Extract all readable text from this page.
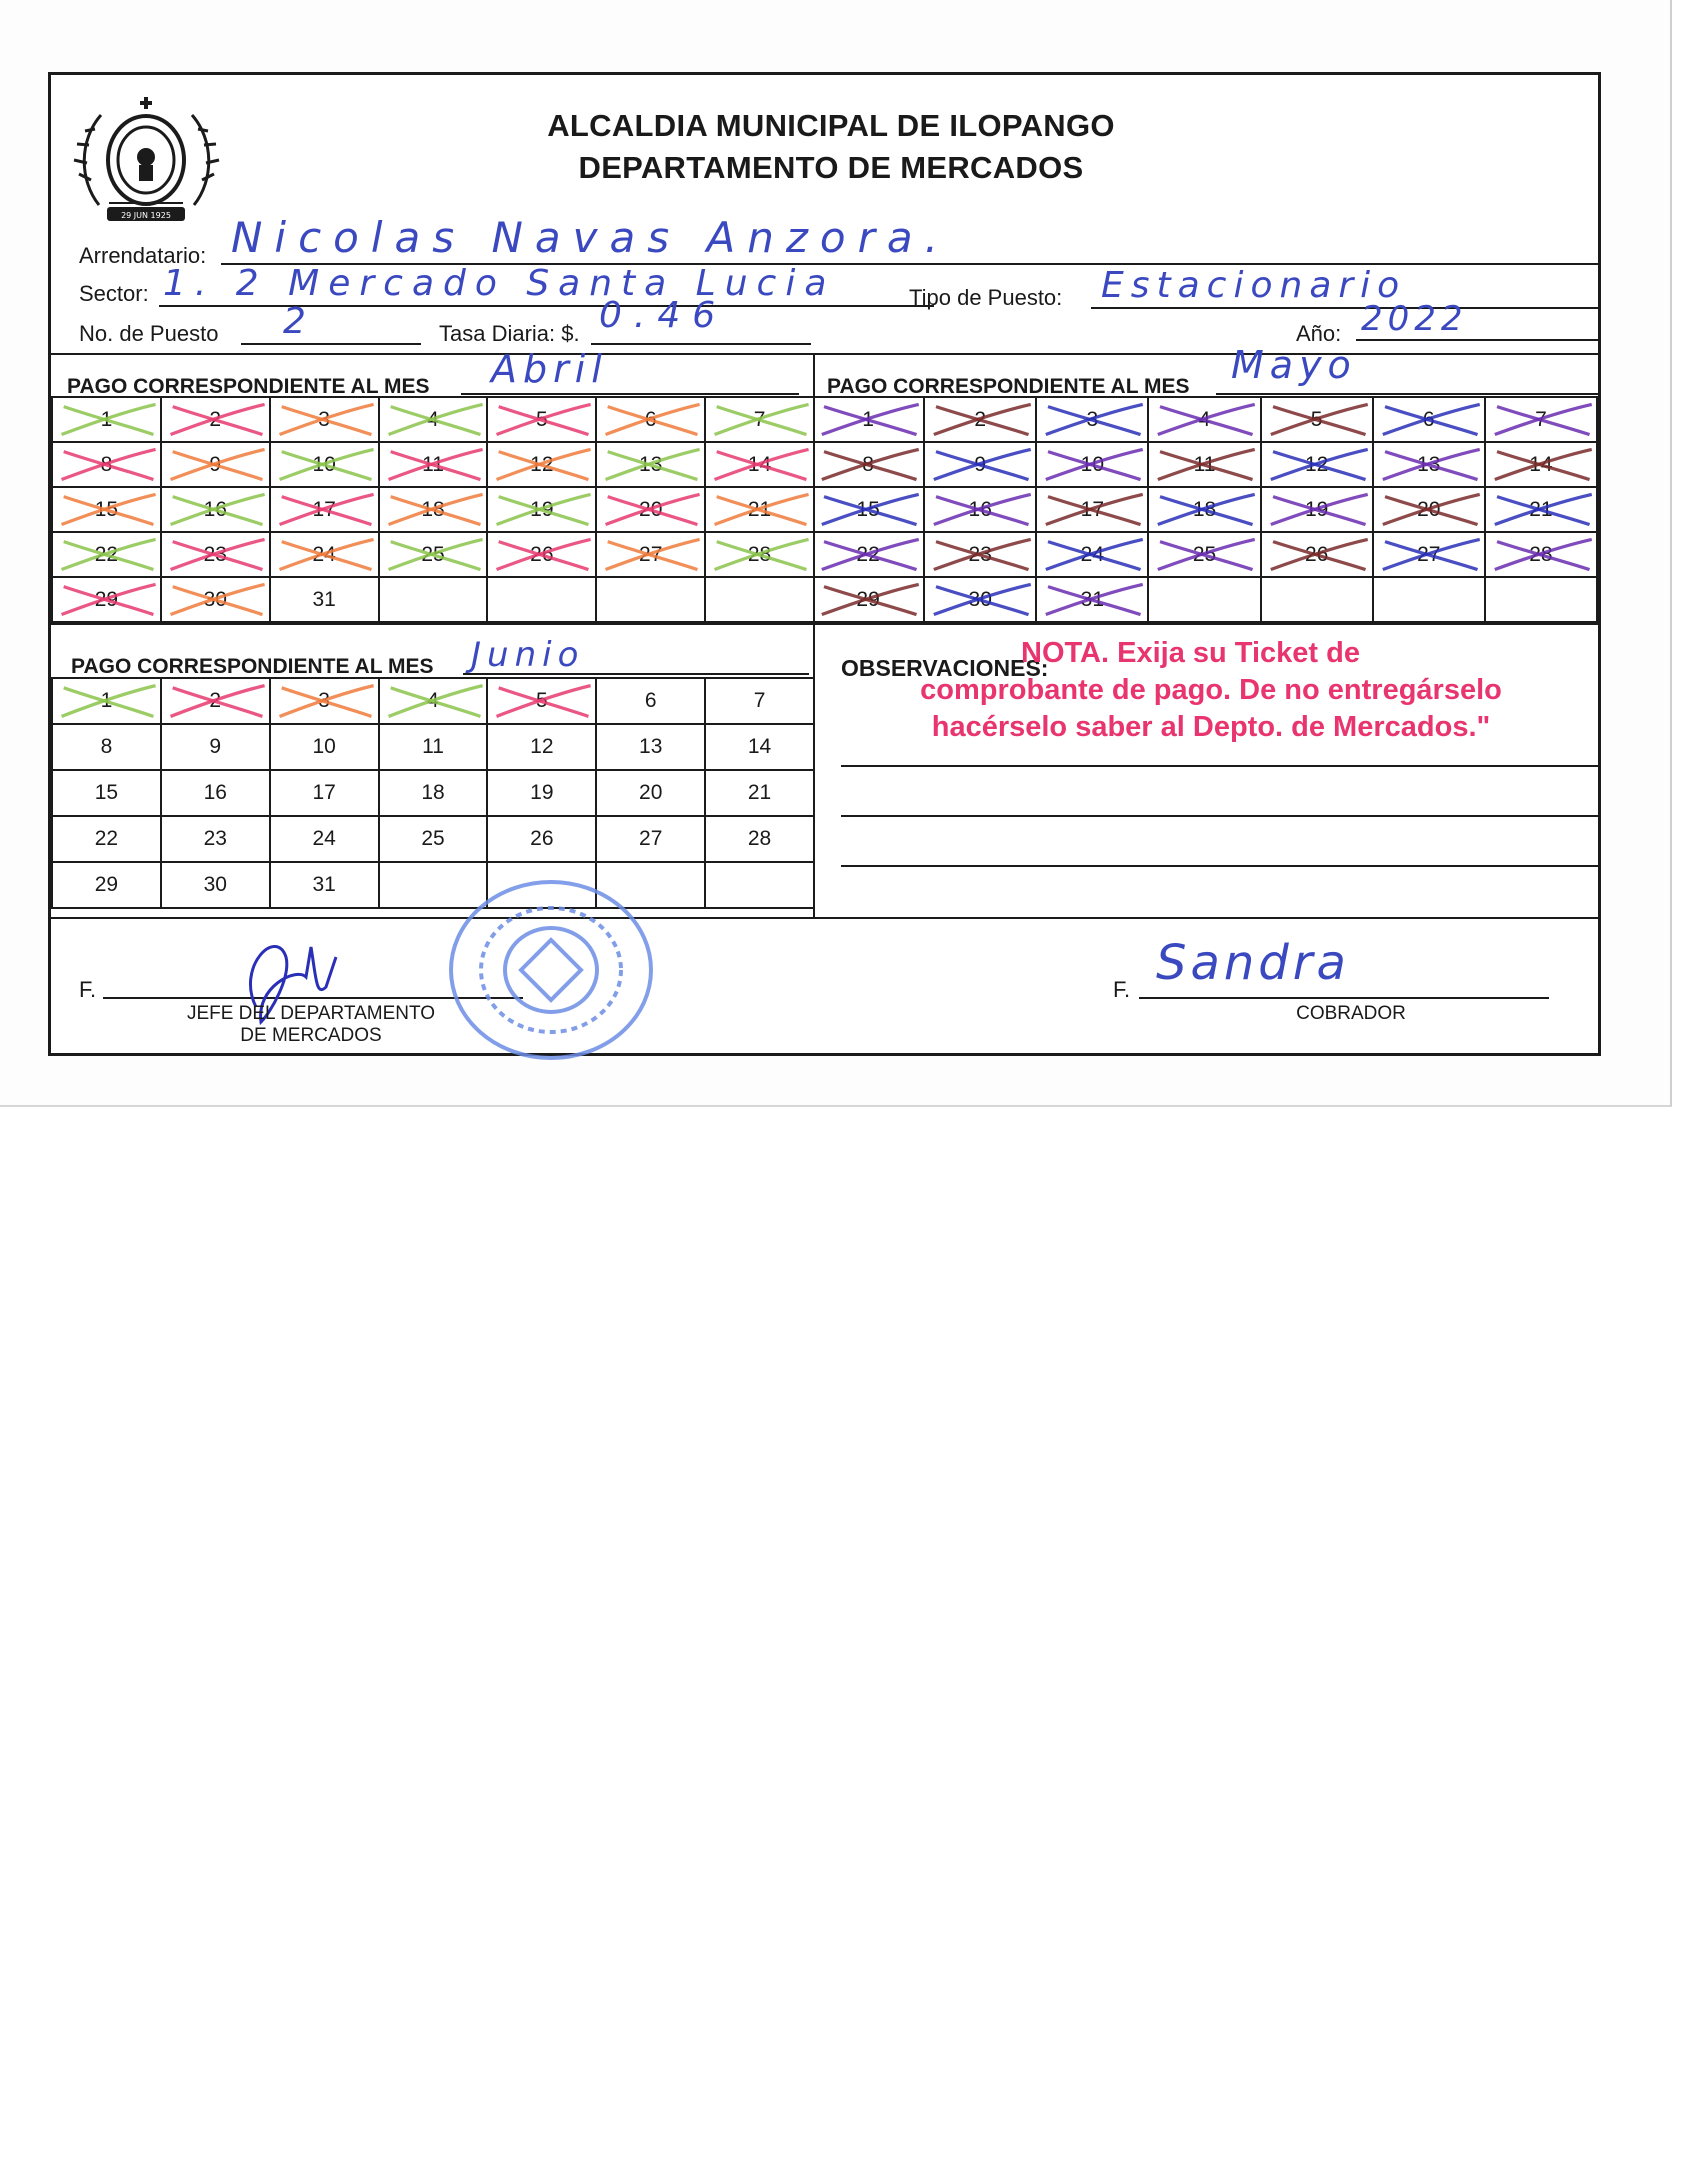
29 JUN 1925
ALCALDIA MUNICIPAL DE ILOPANGO
DEPARTAMENTO DE MERCADOS
Arrendatario: Nicolas Navas Anzora.
Sector: 1. 2 Mercado Santa Lucia	Tipo de Puesto: Estacionario
No. de Puesto 2	Tasa Diaria: $. 0.46	Año: 2022
PAGO CORRESPONDIENTE AL MES Abril	PAGO CORRESPONDIENTE AL MES Mayo
1	2	3	4	5	6	7
8	9	10	11	12	13	14
15	16	17	18	19	20	21
22	23	24	25	26	27	28
29	30	31
1	2	3	4	5	6	7
8	9	10	11	12	13	14
15	16	17	18	19	20	21
22	23	24	25	26	27	28
29	30	31
PAGO CORRESPONDIENTE AL MES Junio
1	2	3	4	5	6	7
8	9	10	11	12	13	14
15	16	17	18	19	20	21
22	23	24	25	26	27	28
29	30	31
OBSERVACIONES:
NOTA. Exija su Ticket de
comprobante de pago. De no entregárselo
hacérselo saber al Depto. de Mercados."
F.
JEFE DEL DEPARTAMENTO
DE MERCADOS
F. Sandra
COBRADOR
